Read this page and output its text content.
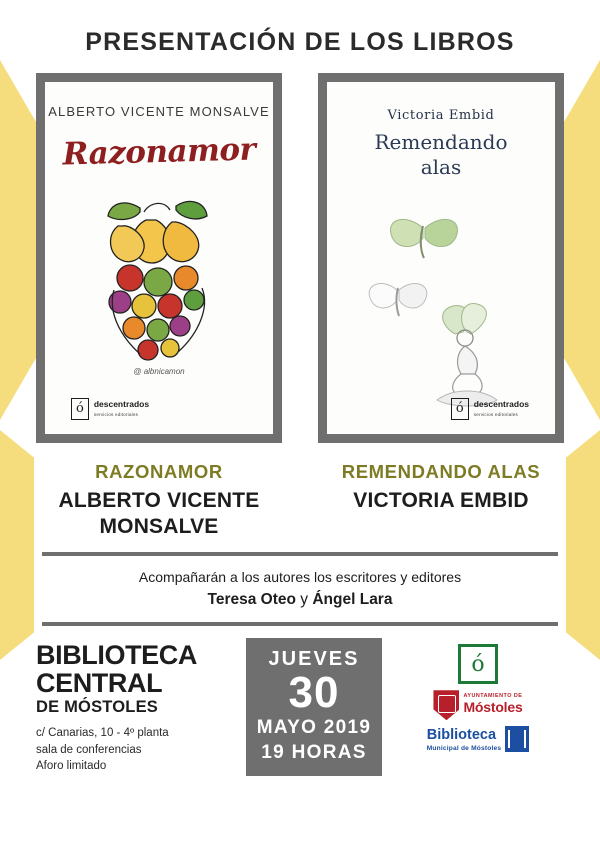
PRESENTACIÓN DE LOS LIBROS
ALBERTO VICENTE MONSALVE
Razonamor
@ albnicamon
ó	descentrados
servicios editoriales
Victoria Embid
Remendando
alas
ó	descentrados
servicios editoriales
RAZONAMOR
ALBERTO VICENTE MONSALVE
REMENDANDO ALAS
VICTORIA EMBID
Acompañarán a los autores los escritores y editores
Teresa Oteo y Ángel Lara
BIBLIOTECA
CENTRAL
DE MÓSTOLES
c/ Canarias, 10 - 4º planta
sala de conferencias
Aforo limitado
JUEVES
30
MAYO 2019
19 HORAS
ó
AYUNTAMIENTO DE
Móstoles
Biblioteca
Municipal de Móstoles
